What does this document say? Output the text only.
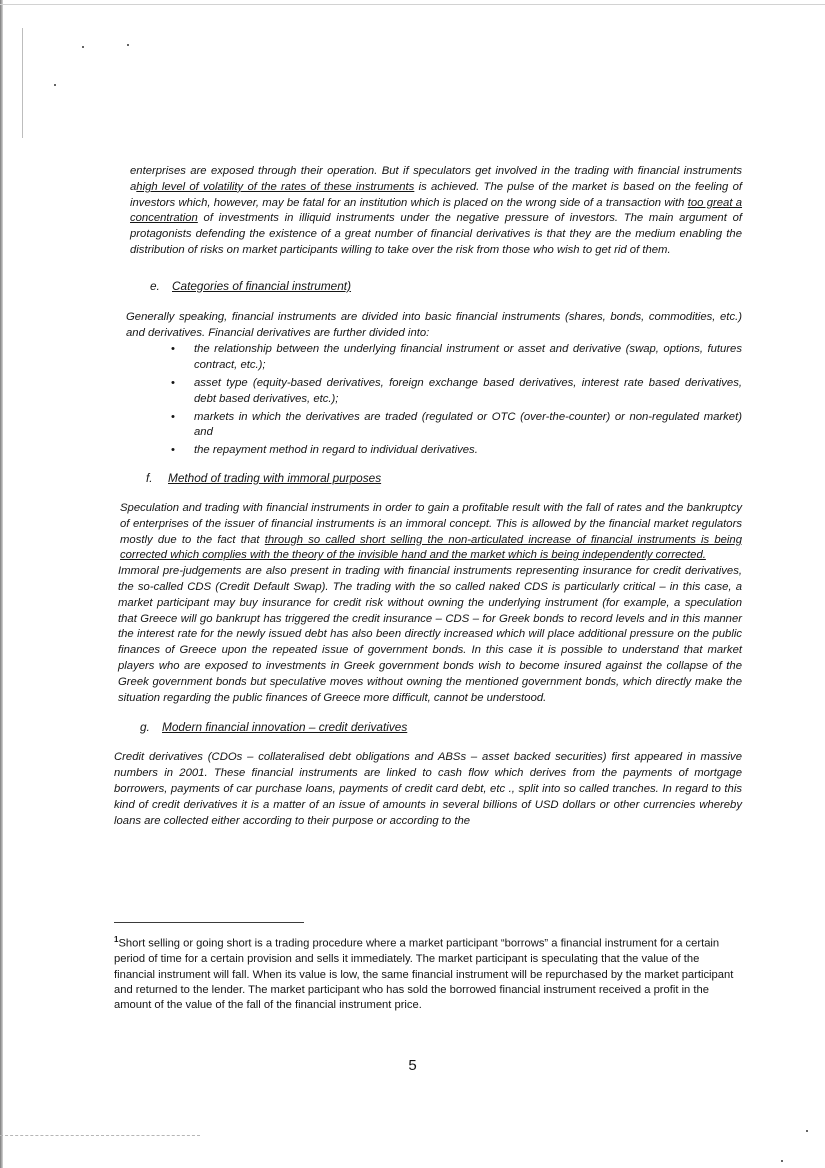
enterprises are exposed through their operation. But if speculators get involved in the trading with financial instruments ahigh level of volatility of the rates of these instruments is achieved. The pulse of the market is based on the feeling of investors which, however, may be fatal for an institution which is placed on the wrong side of a transaction with too great a concentration of investments in illiquid instruments under the negative pressure of investors. The main argument of protagonists defending the existence of a great number of financial derivatives is that they are the medium enabling the distribution of risks on market participants willing to take over the risk from those who wish to get rid of them.

e. Categories of financial instrument)

Generally speaking, financial instruments are divided into basic financial instruments (shares, bonds, commodities, etc.) and derivatives. Financial derivatives are further divided into:

• the relationship between the underlying financial instrument or asset and derivative (swap, options, futures contract, etc.);
• asset type (equity-based derivatives, foreign exchange based derivatives, interest rate based derivatives, debt based derivatives, etc.);
• markets in which the derivatives are traded (regulated or OTC (over-the-counter) or non-regulated market) and
• the repayment method in regard to individual derivatives.

f. Method of trading with immoral purposes

Speculation and trading with financial instruments in order to gain a profitable result with the fall of rates and the bankruptcy of enterprises of the issuer of financial instruments is an immoral concept. This is allowed by the financial market regulators mostly due to the fact that through so called short selling the non-articulated increase of financial instruments is being corrected which complies with the theory of the invisible hand and the market which is being independently corrected.

Immoral pre-judgements are also present in trading with financial instruments representing insurance for credit derivatives, the so-called CDS (Credit Default Swap). The trading with the so called naked CDS is particularly critical – in this case, a market participant may buy insurance for credit risk without owning the underlying instrument (for example, a speculation that Greece will go bankrupt has triggered the credit insurance – CDS – for Greek bonds to record levels and in this manner the interest rate for the newly issued debt has also been directly increased which will place additional pressure on the public finances of Greece upon the repeated issue of government bonds. In this case it is possible to understand that market players who are exposed to investments in Greek government bonds wish to become insured against the collapse of the Greek government bonds but speculative moves without owning the mentioned government bonds, which directly make the situation regarding the public finances of Greece more difficult, cannot be understood.

g. Modern financial innovation – credit derivatives

Credit derivatives (CDOs – collateralised debt obligations and ABSs – asset backed securities) first appeared in massive numbers in 2001. These financial instruments are linked to cash flow which derives from the payments of mortgage borrowers, payments of car purchase loans, payments of credit card debt, etc ., split into so called tranches. In regard to this kind of credit derivatives it is a matter of an issue of amounts in several billions of USD dollars or other currencies whereby loans are collected either according to their purpose or according to the

$^1$Short selling or going short is a trading procedure where a market participant “borrows” a financial instrument for a certain period of time for a certain provision and sells it immediately. The market participant is speculating that the value of the financial instrument will fall. When its value is low, the same financial instrument will be repurchased by the market participant and returned to the lender. The market participant who has sold the borrowed financial instrument received a profit in the amount of the value of the fall of the financial instrument price.

5
